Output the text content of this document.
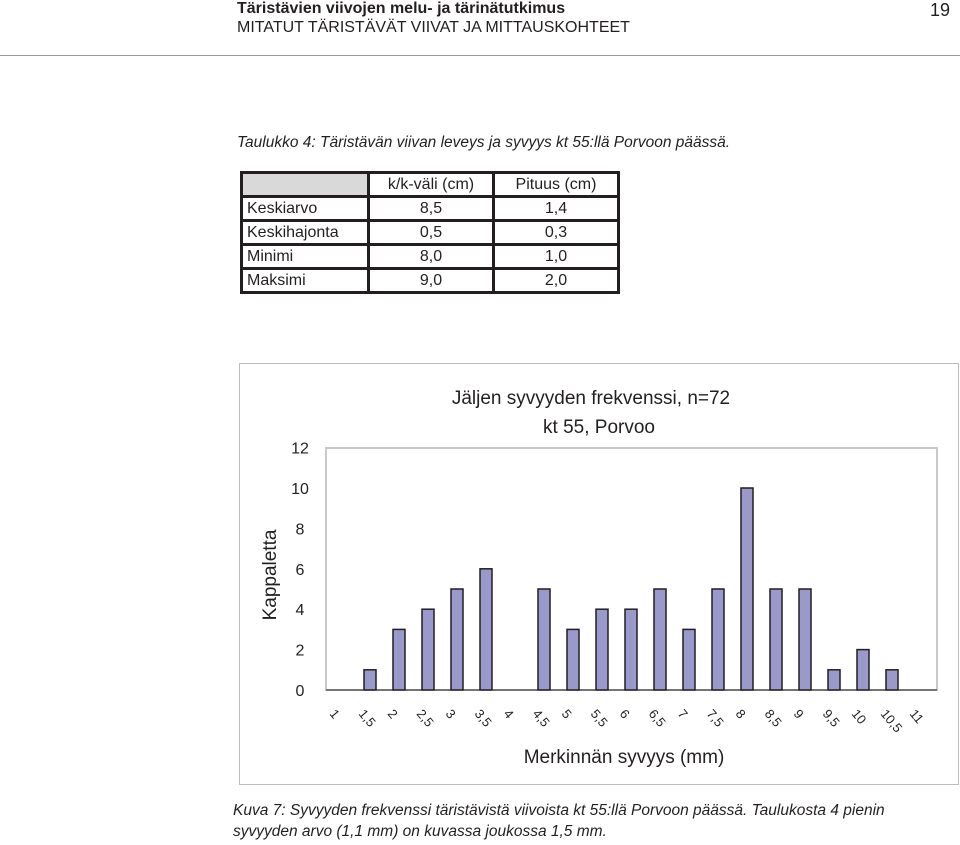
Täristävien viivojen melu- ja tärinätutkimus
MITATUT TÄRISTÄVÄT VIIVAT JA MITTAUSKOHTEET
19
Taulukko 4: Täristävän viivan leveys ja syvyys kt 55:llä Porvoon päässä.
	k/k-väli (cm)	Pituus (cm)
Keskiarvo	8,5	1,4
Keskihajonta	0,5	0,3
Minimi	8,0	1,0
Maksimi	9,0	2,0
Jäljen syvyyden frekvenssi, n=72
kt 55, Porvoo
Kappaletta
Merkinnän syvyys (mm)
0
2
4
6
8
10
12
1 1,5 2 2,5 3 3,5 4 4,5 5 5,5 6 6,5 7 7,5 8 8,5 9 9,5 10 10,5 11
Kuva 7: Syvyyden frekvenssi täristävistä viivoista kt 55:llä Porvoon päässä. Taulukosta 4 pienin
syvyyden arvo (1,1 mm) on kuvassa joukossa 1,5 mm.
